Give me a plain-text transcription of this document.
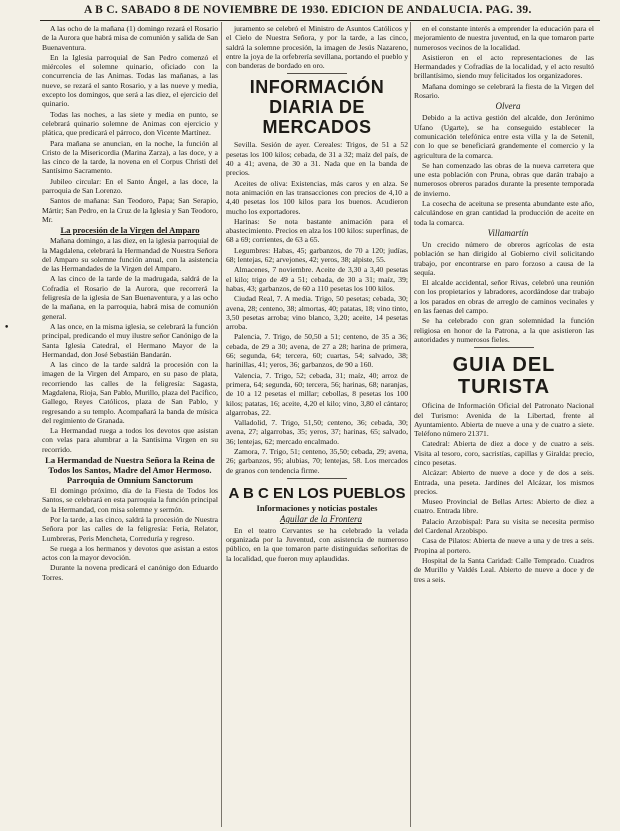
A B C. SABADO 8 DE NOVIEMBRE DE 1930. EDICION DE ANDALUCIA. PAG. 39.
•

A las ocho de la mañana (1) domingo rezará el Rosario de la Aurora que habrá misa de comunión y salida de San Buenaventura.

En la Iglesia parroquial de San Pedro comenzó el miércoles el solemne quinario, oficiado con la concurrencia de las Animas. Todas las mañanas, a las nueve, se rezará el santo Rosario, y a las nueve y media, excepto los domingos, que será a las diez, el ejercicio del quinario.

Todas las noches, a las siete y media en punto, se celebrará quinario solemne de Animas con ejercicio y plática, que predicará el párroco, don Vicente Martínez.

Para mañana se anuncian, en la noche, la función al Cristo de la Misericordia (Marina Zarza), a las doce, y a las cinco de la tarde, la novena en el Corpus Christi del Santísimo Sacramento.

Jubileo circular: En el Santo Ángel, a las doce, la parroquia de San Lorenzo.

Santos de mañana: San Teodoro, Papa; San Serapio, Mártir; San Pedro, en la Cruz de la Iglesia y San Teodoro, Mr.

La procesión de la Virgen del Amparo

Mañana domingo, a las diez, en la iglesia parroquial de la Magdalena, celebrará la Hermandad de Nuestra Señora del Amparo su solemne función anual, con la asistencia de las Hermandades de la Virgen del Amparo.

A las cinco de la tarde de la madrugada, saldrá de la Cofradía el Rosario de la Aurora, que recorrerá la feligresía de la iglesia de San Buenaventura, y a las ocho de la mañana, en la parroquia, habrá misa de comunión general.

A las once, en la misma iglesia, se celebrará la función principal, predicando el muy ilustre señor Canónigo de la Santa Iglesia Catedral, el Hermano Mayor de la Hermandad, don José Sebastián Bandarán.

A las cinco de la tarde saldrá la procesión con la imagen de la Virgen del Amparo, en su paso de plata, recorriendo las calles de la feligresía: Sagasta, Magdalena, Rioja, San Pablo, Murillo, plaza del Pacífico, Gallego, Reyes Católicos, plaza de San Pablo, y regresando a su templo. Acompañará la banda de música del regimiento de Granada.

La Hermandad ruega a todos los devotos que asistan con velas para alumbrar a la Santísima Virgen en su recorrido.

La Hermandad de Nuestra Señora la Reina de Todos los Santos, Madre del Amor Hermoso. Parroquia de Omnium Sanctorum

El domingo próximo, día de la Fiesta de Todos los Santos, se celebrará en esta parroquia la función principal de la Hermandad, con misa solemne y sermón.

Por la tarde, a las cinco, saldrá la procesión de Nuestra Señora por las calles de la feligresía: Feria, Relator, Lumbreras, Peris Mencheta, Correduría y regreso.

Se ruega a los hermanos y devotos que asistan a estos actos con la mayor devoción.

Durante la novena predicará el canónigo don Eduardo Torres.

juramento se celebró el Ministro de Asuntos Católicos y el Cielo de Nuestra Señora, y por la tarde, a las cinco, saldrá la solemne procesión, la imagen de Jesús Nazareno, entre la joya de la orfebrería sevillana, portando el pueblo y con banderas de bordado en oro.

INFORMACIÓN DIARIA DE MERCADOS

Sevilla. Sesión de ayer. Cereales: Trigos, de 51 a 52 pesetas los 100 kilos; cebada, de 31 a 32; maíz del país, de 40 a 41; avena, de 30 a 31. Nada que en la banda de precios.

Aceites de oliva: Existencias, más caros y en alza. Se nota animación en las transacciones con precios de 4,10 a 4,40 pesetas los 100 kilos para los buenos. Acudieron mucho los exportadores.

Harinas: Se nota bastante animación para el abastecimiento. Precios en alza los 100 kilos: superfinas, de 68 a 69; corrientes, de 63 a 65.

Legumbres: Habas, 45; garbanzos, de 70 a 120; judías, 68; lentejas, 62; arvejones, 42; yeros, 38; alpiste, 55.

Almacenes, 7 noviembre. Aceite de 3,30 a 3,40 pesetas el kilo; trigo de 49 a 51; cebada, de 30 a 31; maíz, 39; habas, 43; garbanzos, de 60 a 110 pesetas los 100 kilos.

Ciudad Real, 7. A media. Trigo, 50 pesetas; cebada, 30; avena, 28; centeno, 38; almortas, 40; patatas, 18; vino tinto, 3,50 pesetas arroba; vino blanco, 3,20; aceite, 14 pesetas arroba.

Palencia, 7. Trigo, de 50,50 a 51; centeno, de 35 a 36; cebada, de 29 a 30; avena, de 27 a 28; harina de primera, 66; segunda, 64; tercera, 60; cuartas, 54; salvado, 38; harinillas, 41; yeros, 36; garbanzos, de 90 a 160.

Valencia, 7. Trigo, 52; cebada, 31; maíz, 40; arroz de primera, 64; segunda, 60; tercera, 56; harinas, 68; naranjas, de 10 a 12 pesetas el millar; cebollas, 8 pesetas los 100 kilos; patatas, 16; aceite, 4,20 el kilo; vino, 3,80 el cántaro; algarrobas, 22.

Valladolid, 7. Trigo, 51,50; centeno, 36; cebada, 30; avena, 27; algarrobas, 35; yeros, 37; harinas, 65; salvado, 36; lentejas, 62; mercado encalmado.

Zamora, 7. Trigo, 51; centeno, 35,50; cebada, 29; avena, 26; garbanzos, 95; alubias, 70; lentejas, 58. Los mercados de granos con tendencia firme.

A B C EN LOS PUEBLOS

Informaciones y noticias postales

Aguilar de la Frontera

En el teatro Cervantes se ha celebrado la velada organizada por la Juventud, con asistencia de numeroso público, en la que tomaron parte distinguidas señoritas de la localidad, que fueron muy aplaudidas.

en el constante interés a emprender la educación para el mejoramiento de nuestra juventud, en la que tomaron parte numerosos vecinos de la localidad.

Asistieron en el acto representaciones de las Hermandades y Cofradías de la localidad, y el acto resultó brillantísimo, siendo muy felicitados los organizadores.

Mañana domingo se celebrará la fiesta de la Virgen del Rosario.

Olvera

Debido a la activa gestión del alcalde, don Jerónimo Ufano (Ugarte), se ha conseguido establecer la comunicación telefónica entre esta villa y la de Setenil, con lo que se beneficiará grandemente el comercio y la agricultura de la comarca.

Se han comenzado las obras de la nueva carretera que une esta población con Pruna, obras que darán trabajo a numerosos obreros parados durante la presente temporada de invierno.

La cosecha de aceituna se presenta abundante este año, calculándose en gran cantidad la producción de aceite en toda la comarca.

Villamartín

Un crecido número de obreros agrícolas de esta población se han dirigido al Gobierno civil solicitando trabajo, por encontrarse en paro forzoso a causa de la sequía.

El alcalde accidental, señor Rivas, celebró una reunión con los propietarios y labradores, acordándose dar trabajo a los parados en obras de arreglo de caminos vecinales y en las faenas del campo.

Se ha celebrado con gran solemnidad la función religiosa en honor de la Patrona, a la que asistieron las autoridades y numerosos fieles.

GUIA DEL TURISTA

Oficina de Información Oficial del Patronato Nacional del Turismo: Avenida de la Libertad, frente al Ayuntamiento. Abierta de nueve a una y de cuatro a siete. Teléfono número 21371.

Catedral: Abierta de diez a doce y de cuatro a seis. Visita al tesoro, coro, sacristías, capillas y Giralda: precio, cinco pesetas.

Alcázar: Abierto de nueve a doce y de dos a seis. Entrada, una peseta. Jardines del Alcázar, los mismos precios.

Museo Provincial de Bellas Artes: Abierto de diez a cuatro. Entrada libre.

Palacio Arzobispal: Para su visita se necesita permiso del Cardenal Arzobispo.

Casa de Pilatos: Abierta de nueve a una y de tres a seis. Propina al portero.

Hospital de la Santa Caridad: Calle Temprado. Cuadros de Murillo y Valdés Leal. Abierto de nueve a doce y de tres a seis.
